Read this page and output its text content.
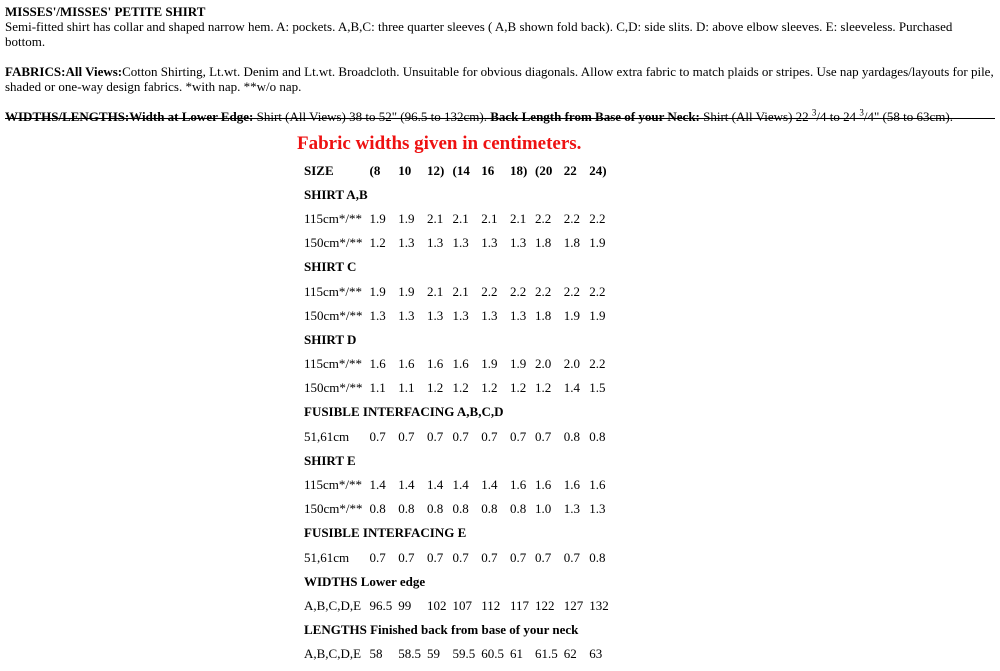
MISSES'/MISSES' PETITE SHIRT

Semi-fitted shirt has collar and shaped narrow hem. A: pockets. A,B,C: three quarter sleeves ( A,B shown fold back). C,D: side slits. D: above elbow sleeves. E: sleeveless. Purchased bottom.

FABRICS:All Views:Cotton Shirting, Lt.wt. Denim and Lt.wt. Broadcloth. Unsuitable for obvious diagonals. Allow extra fabric to match plaids or stripes. Use nap yardages/layouts for pile, shaded or one-way design fabrics. *with nap. **w/o nap.

WIDTHS/LENGTHS:Width at Lower Edge: Shirt (All Views) 38 to 52" (96.5 to 132cm). Back Length from Base of your Neck: Shirt (All Views) 22 $^3$/4 to 24 $^3$/4" (58 to 63cm).

Fabric widths given in centimeters.
SIZE	(8	10	12)	(14	16	18)	(20	22	24)
SHIRT A,B									
115cm*/**	1.9	1.9	2.1	2.1	2.1	2.1	2.2	2.2	2.2
150cm*/**	1.2	1.3	1.3	1.3	1.3	1.3	1.8	1.8	1.9
SHIRT C									
115cm*/**	1.9	1.9	2.1	2.1	2.2	2.2	2.2	2.2	2.2
150cm*/**	1.3	1.3	1.3	1.3	1.3	1.3	1.8	1.9	1.9
SHIRT D									
115cm*/**	1.6	1.6	1.6	1.6	1.9	1.9	2.0	2.0	2.2
150cm*/**	1.1	1.1	1.2	1.2	1.2	1.2	1.2	1.4	1.5
FUSIBLE INTERFACING A,B,C,D									
51,61cm	0.7	0.7	0.7	0.7	0.7	0.7	0.7	0.8	0.8
SHIRT E									
115cm*/**	1.4	1.4	1.4	1.4	1.4	1.6	1.6	1.6	1.6
150cm*/**	0.8	0.8	0.8	0.8	0.8	0.8	1.0	1.3	1.3
FUSIBLE INTERFACING E									
51,61cm	0.7	0.7	0.7	0.7	0.7	0.7	0.7	0.7	0.8
WIDTHS Lower edge									
A,B,C,D,E	96.5	99	102	107	112	117	122	127	132
LENGTHS Finished back from base of your neck									
A,B,C,D,E	58	58.5	59	59.5	60.5	61	61.5	62	63
